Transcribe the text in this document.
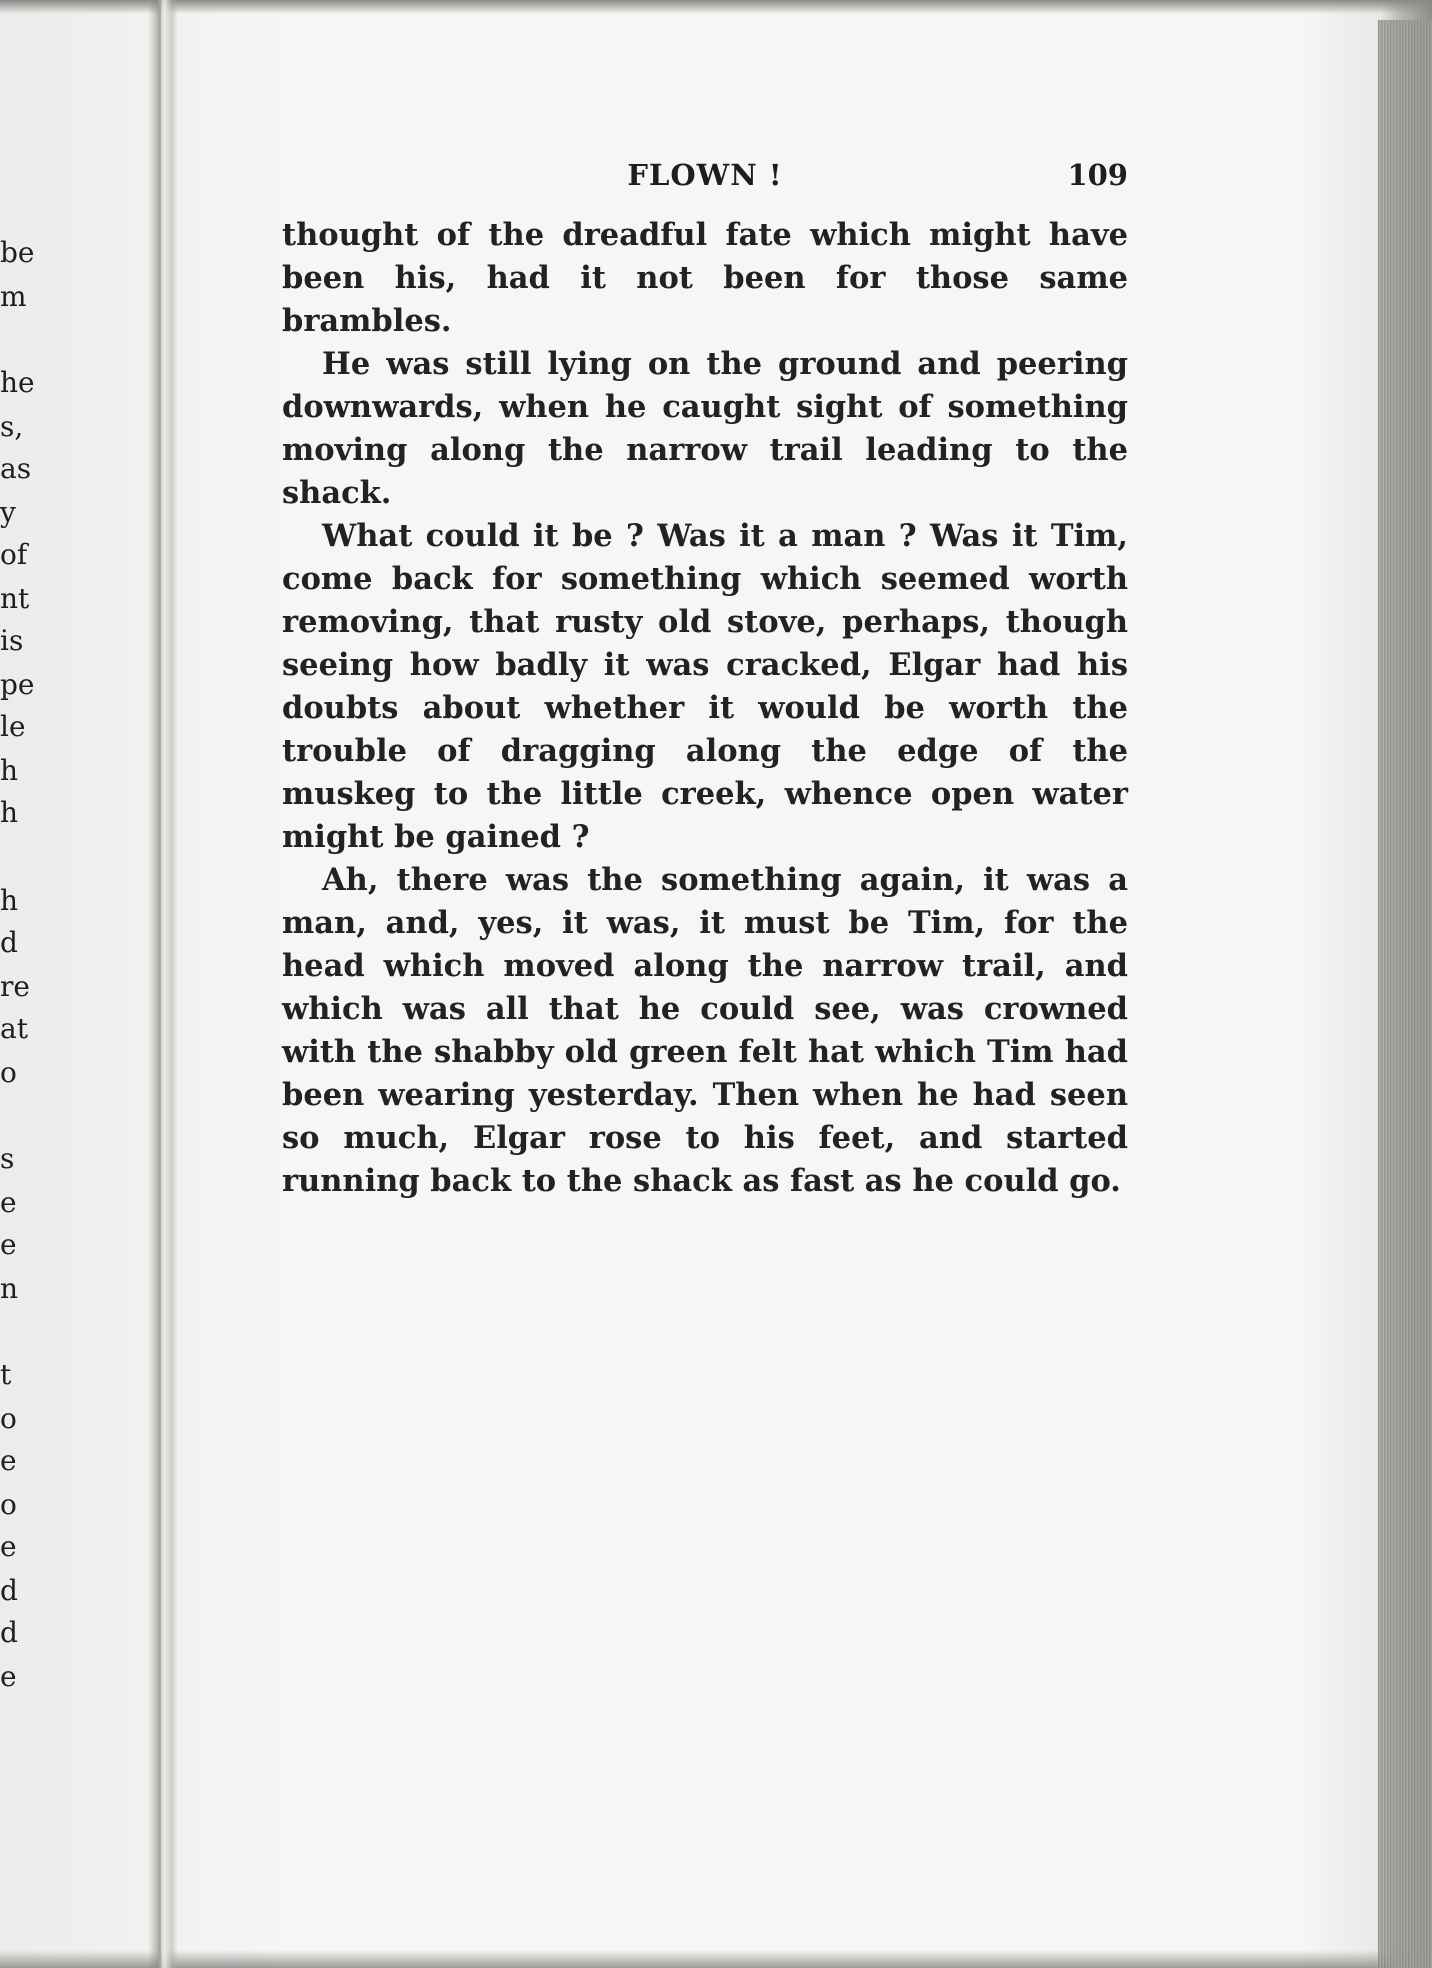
be
m
he
s,
as
y
of
nt
is
pe
le
h
h
h
d
re
at
o
s
e
e
n
t
o
e
o
e
d
d
e
FLOWN !	109

thought of the dreadful fate which might have been his, had it not been for those same brambles.

He was still lying on the ground and peering downwards, when he caught sight of something moving along the narrow trail leading to the shack.

What could it be ? Was it a man ? Was it Tim, come back for something which seemed worth removing, that rusty old stove, perhaps, though seeing how badly it was cracked, Elgar had his doubts about whether it would be worth the trouble of dragging along the edge of the muskeg to the little creek, whence open water might be gained ?

Ah, there was the something again, it was a man, and, yes, it was, it must be Tim, for the head which moved along the narrow trail, and which was all that he could see, was crowned with the shabby old green felt hat which Tim had been wearing yesterday. Then when he had seen so much, Elgar rose to his feet, and started running back to the shack as fast as he could go.
